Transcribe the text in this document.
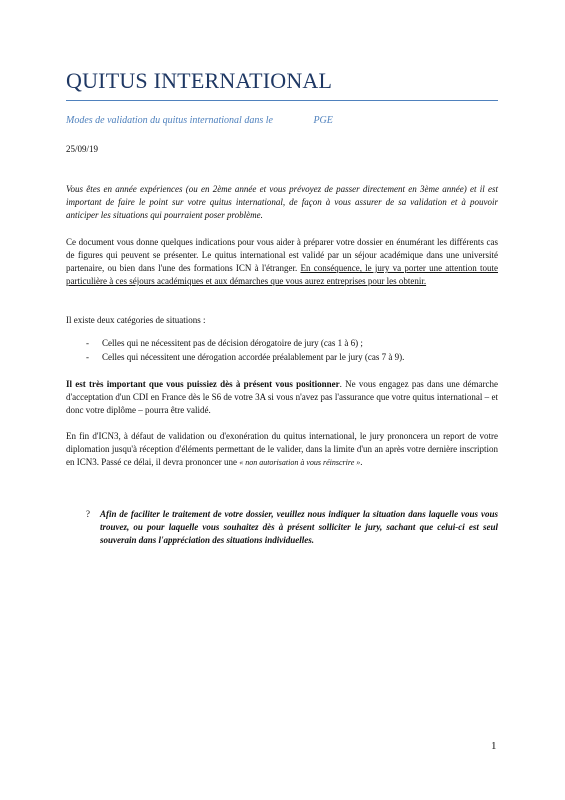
QUITUS INTERNATIONAL
Modes de validation du quitus international dans le	PGE
25/09/19
Vous êtes en année expériences (ou en 2ème année et vous prévoyez de passer directement en 3ème année) et il est important de faire le point sur votre quitus international, de façon à vous assurer de sa validation et à pouvoir anticiper les situations qui pourraient poser problème.
Ce document vous donne quelques indications pour vous aider à préparer votre dossier en énumérant les différents cas de figures qui peuvent se présenter. Le quitus international est validé par un séjour académique dans une université partenaire, ou bien dans l'une des formations ICN à l'étranger. En conséquence, le jury va porter une attention toute particulière à ces séjours académiques et aux démarches que vous aurez entreprises pour les obtenir.
Il existe deux catégories de situations :
- Celles qui ne nécessitent pas de décision dérogatoire de jury (cas 1 à 6) ;
- Celles qui nécessitent une dérogation accordée préalablement par le jury (cas 7 à 9).
Il est très important que vous puissiez dès à présent vous positionner. Ne vous engagez pas dans une démarche d'acceptation d'un CDI en France dès le S6 de votre 3A si vous n'avez pas l'assurance que votre quitus international – et donc votre diplôme – pourra être validé.
En fin d'ICN3, à défaut de validation ou d'exonération du quitus international, le jury prononcera un report de votre diplomation jusqu'à réception d'éléments permettant de le valider, dans la limite d'un an après votre dernière inscription en ICN3. Passé ce délai, il devra prononcer une « non autorisation à vous réinscrire ».
?	Afin de faciliter le traitement de votre dossier, veuillez nous indiquer la situation dans laquelle vous vous trouvez, ou pour laquelle vous souhaitez dès à présent solliciter le jury, sachant que celui-ci est seul souverain dans l'appréciation des situations individuelles.
1
